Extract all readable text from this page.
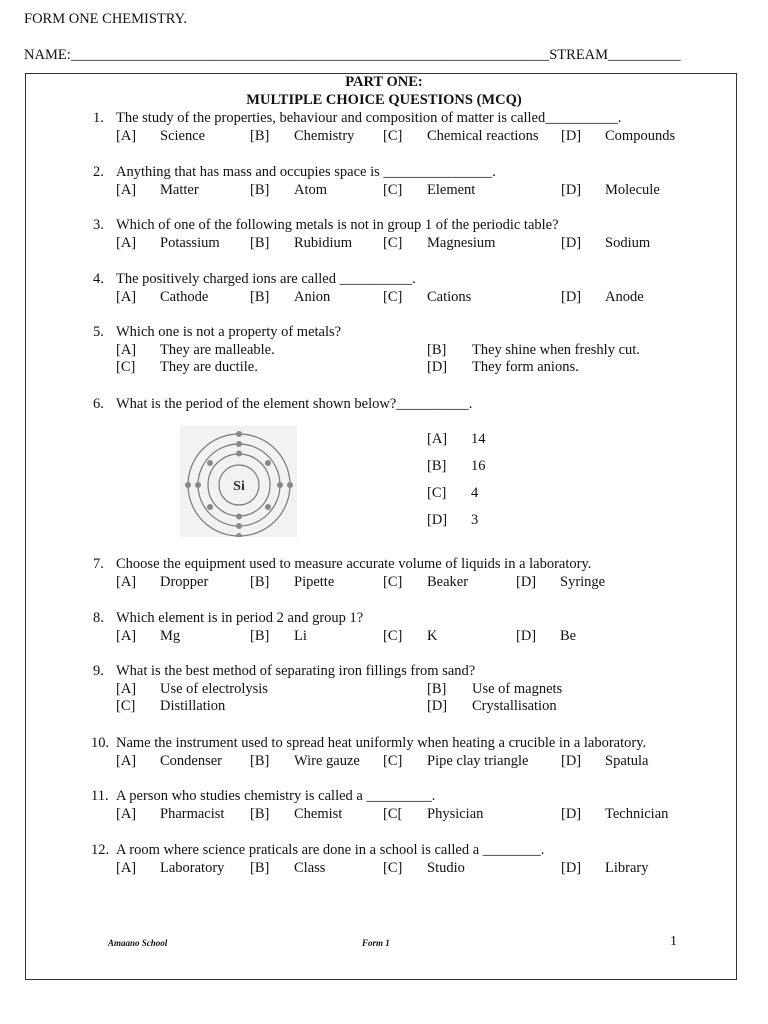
FORM ONE CHEMISTRY.
NAME:__________________________________________________________________STREAM__________
PART ONE:
MULTIPLE CHOICE QUESTIONS (MCQ)
1. The study of the properties, behaviour and composition of matter is called__________.
[A] Science	[B] Chemistry [C] Chemical reactions [D] Compounds
2. Anything that has mass and occupies space is _______________.
[A] Matter	[B] Atom	[C] Element	[D] Molecule
3. Which of one of the following metals is not in group 1 of the periodic table?
[A] Potassium [B] Rubidium [C] Magnesium	[D] Sodium
4. The positively charged ions are called __________.
[A] Cathode	[B] Anion	[C] Cations	[D] Anode
5. Which one is not a property of metals?
[A] They are malleable.	[B] They shine when freshly cut.
[C] They are ductile.	[D] They form anions.
6. What is the period of the element shown below?__________.
[A] 14
[B] 16
[C] 4
[D] 3
7. Choose the equipment used to measure accurate volume of liquids in a laboratory.
[A] Dropper	[B] Pipette	[C] Beaker	[D] Syringe
8. Which element is in period 2 and group 1?
[A] Mg	[B] Li	[C] K	[D] Be
9. What is the best method of separating iron fillings from sand?
[A] Use of electrolysis	[B] Use of magnets
[C] Distillation	[D] Crystallisation
10. Name the instrument used to spread heat uniformly when heating a crucible in a laboratory.
[A] Condenser [B] Wire gauze [C] Pipe clay triangle [D] Spatula
11. A person who studies chemistry is called a _________.
[A] Pharmacist [B] Chemist	[C[ Physician	[D] Technician
12. A room where science praticals are done in a school is called a ________.
[A] Laboratory [B] Class	[C] Studio	[D] Library
Si
Amaano School	Form 1	1
